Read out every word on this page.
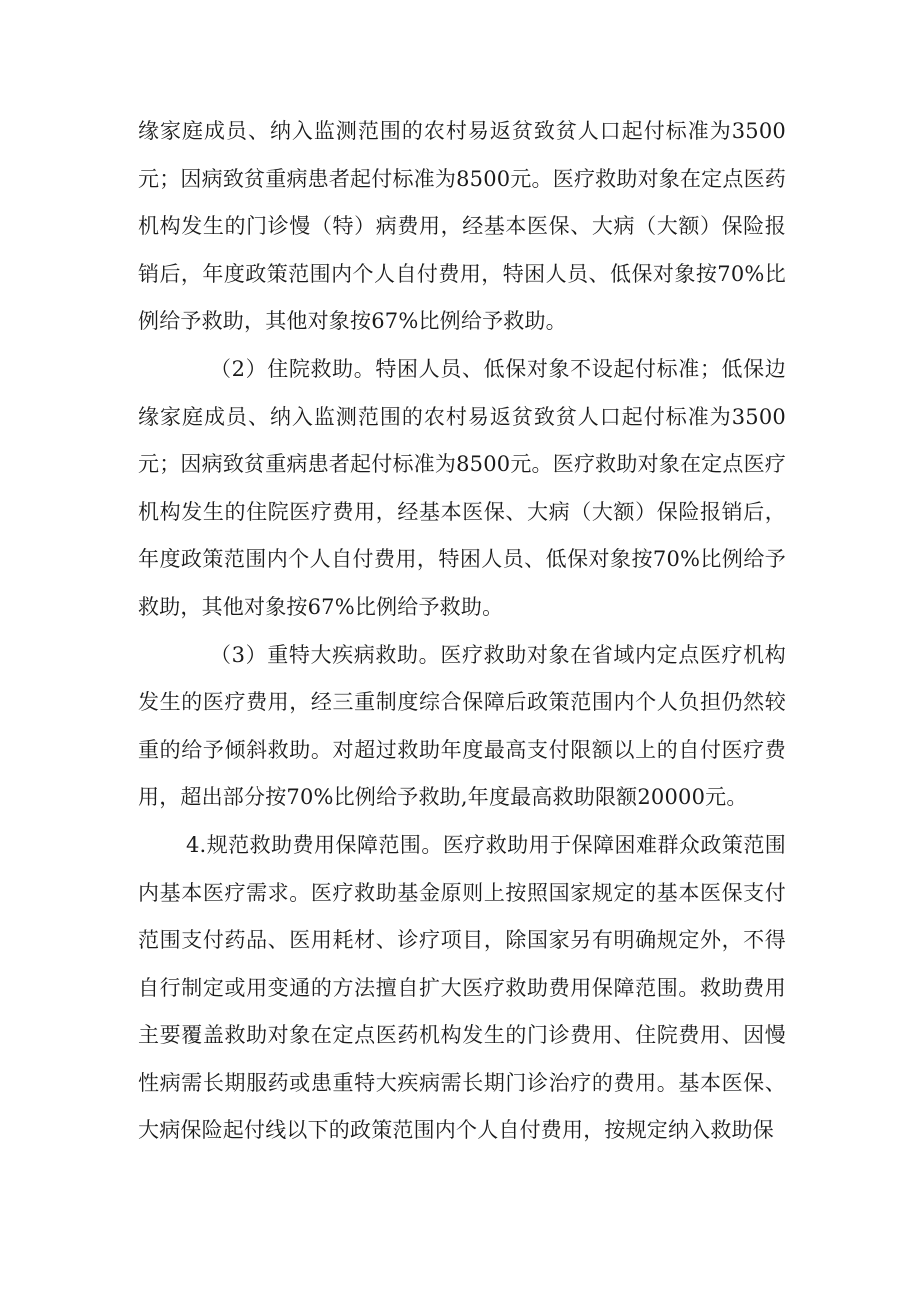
缘家庭成员、纳入监测范围的农村易返贫致贫人口起付标准为3500元；因病致贫重病患者起付标准为8500元。医疗救助对象在定点医药机构发生的门诊慢（特）病费用，经基本医保、大病（大额）保险报销后，年度政策范围内个人自付费用，特困人员、低保对象按70%比例给予救助，其他对象按67%比例给予救助。

（2）住院救助。特困人员、低保对象不设起付标准；低保边缘家庭成员、纳入监测范围的农村易返贫致贫人口起付标准为3500元；因病致贫重病患者起付标准为8500元。医疗救助对象在定点医疗机构发生的住院医疗费用，经基本医保、大病（大额）保险报销后，年度政策范围内个人自付费用，特困人员、低保对象按70%比例给予救助，其他对象按67%比例给予救助。

（3）重特大疾病救助。医疗救助对象在省域内定点医疗机构发生的医疗费用，经三重制度综合保障后政策范围内个人负担仍然较重的给予倾斜救助。对超过救助年度最高支付限额以上的自付医疗费用，超出部分按70%比例给予救助,年度最高救助限额20000元。

4.规范救助费用保障范围。医疗救助用于保障困难群众政策范围内基本医疗需求。医疗救助基金原则上按照国家规定的基本医保支付范围支付药品、医用耗材、诊疗项目，除国家另有明确规定外，不得自行制定或用变通的方法擅自扩大医疗救助费用保障范围。救助费用主要覆盖救助对象在定点医药机构发生的门诊费用、住院费用、因慢性病需长期服药或患重特大疾病需长期门诊治疗的费用。基本医保、大病保险起付线以下的政策范围内个人自付费用，按规定纳入救助保
